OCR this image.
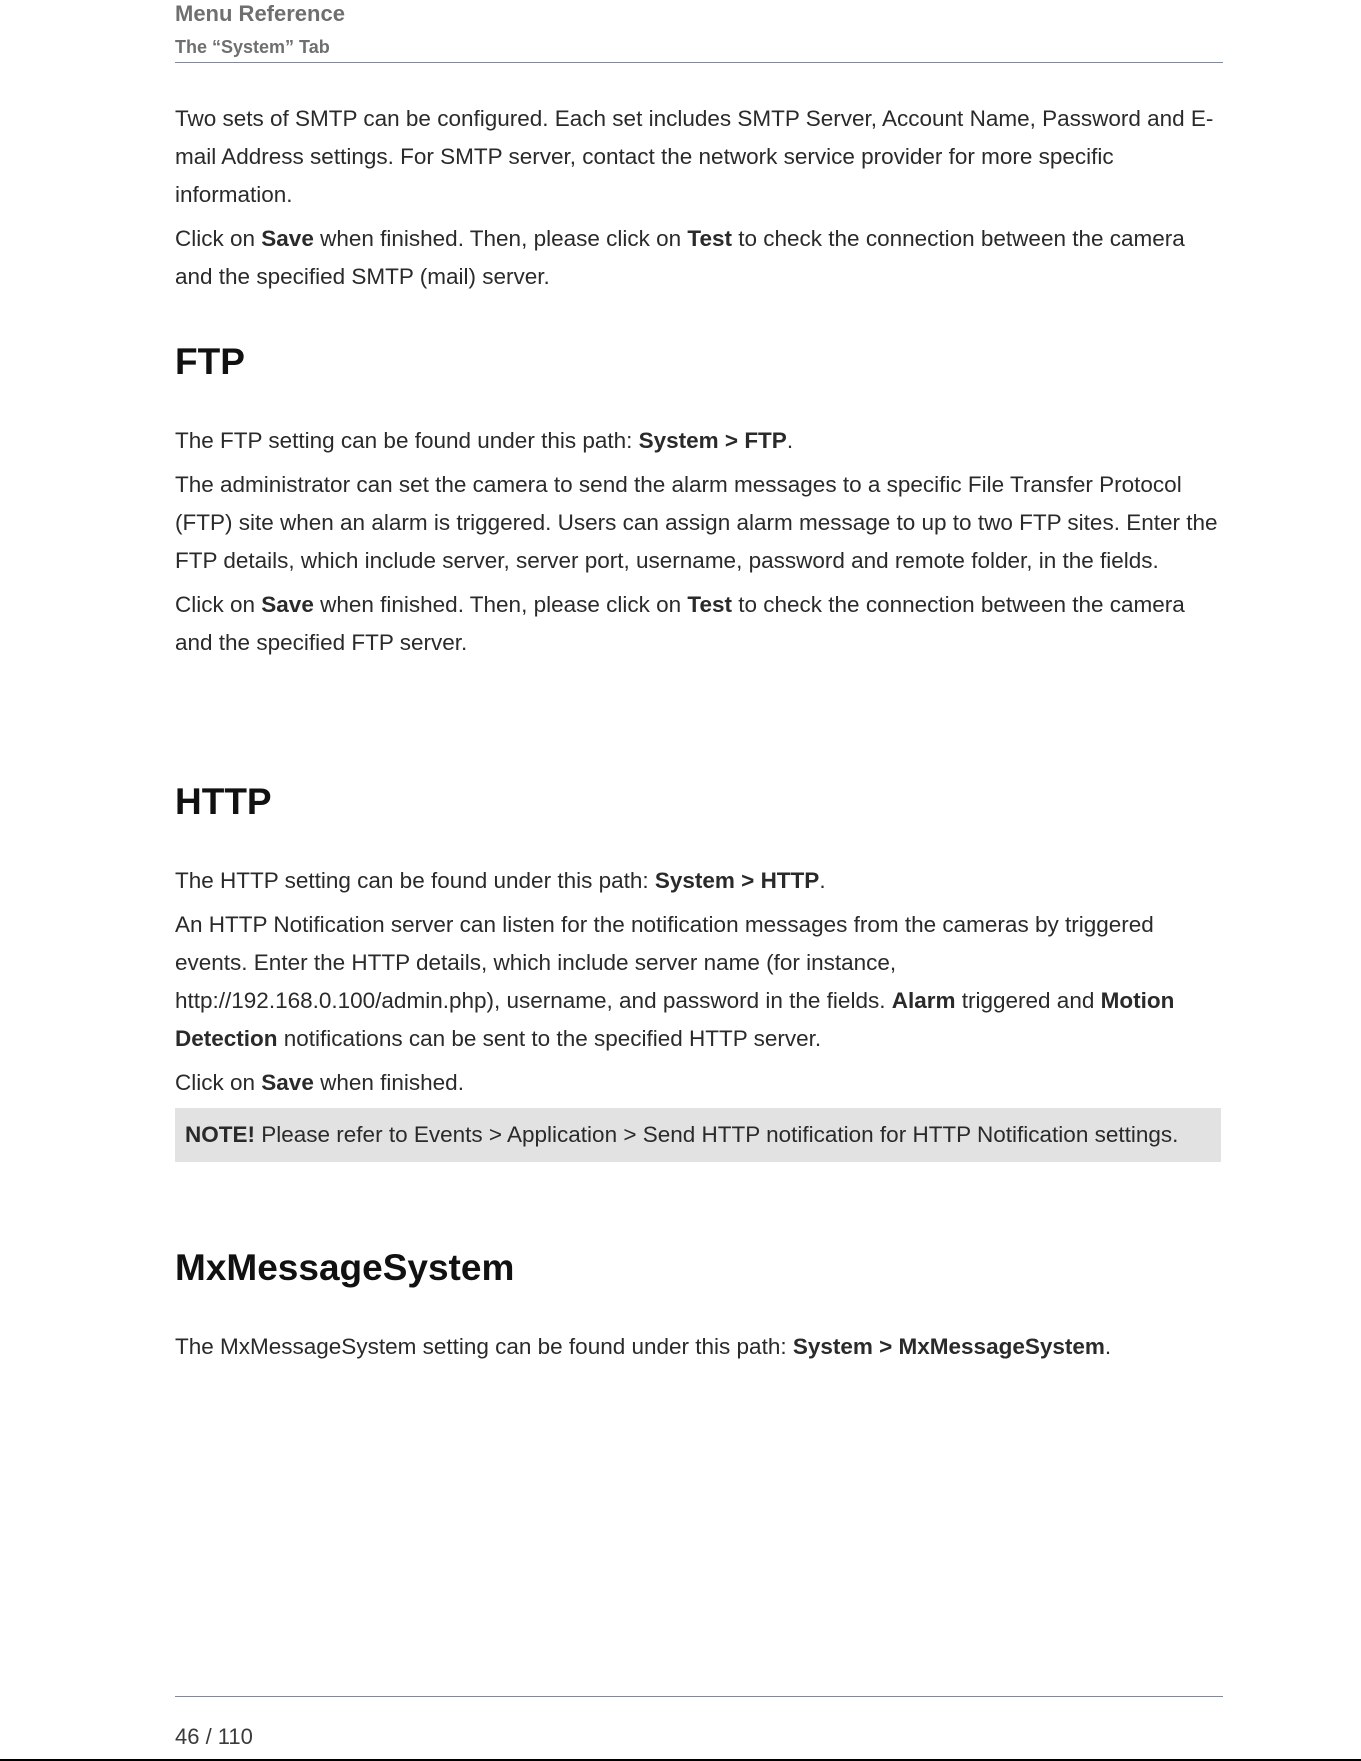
Menu Reference
The “System” Tab

Two sets of SMTP can be configured. Each set includes SMTP Server, Account Name, Password and E-mail Address settings. For SMTP server, contact the network service provider for more specific information.

Click on Save when finished. Then, please click on Test to check the connection between the camera and the specified SMTP (mail) server.

FTP

The FTP setting can be found under this path: System > FTP.

The administrator can set the camera to send the alarm messages to a specific File Transfer Protocol (FTP) site when an alarm is triggered. Users can assign alarm message to up to two FTP sites. Enter the FTP details, which include server, server port, username, password and remote folder, in the fields.

Click on Save when finished. Then, please click on Test to check the connection between the camera and the specified FTP server.

HTTP

The HTTP setting can be found under this path: System > HTTP.

An HTTP Notification server can listen for the notification messages from the cameras by triggered events. Enter the HTTP details, which include server name (for instance, http://192.168.0.100/admin.php), username, and password in the fields. Alarm triggered and Motion Detection notifications can be sent to the specified HTTP server.

Click on Save when finished.

NOTE! Please refer to Events > Application > Send HTTP notification for HTTP Notification settings.
MxMessageSystem

The MxMessageSystem setting can be found under this path: System > MxMessageSystem.

46 / 110
